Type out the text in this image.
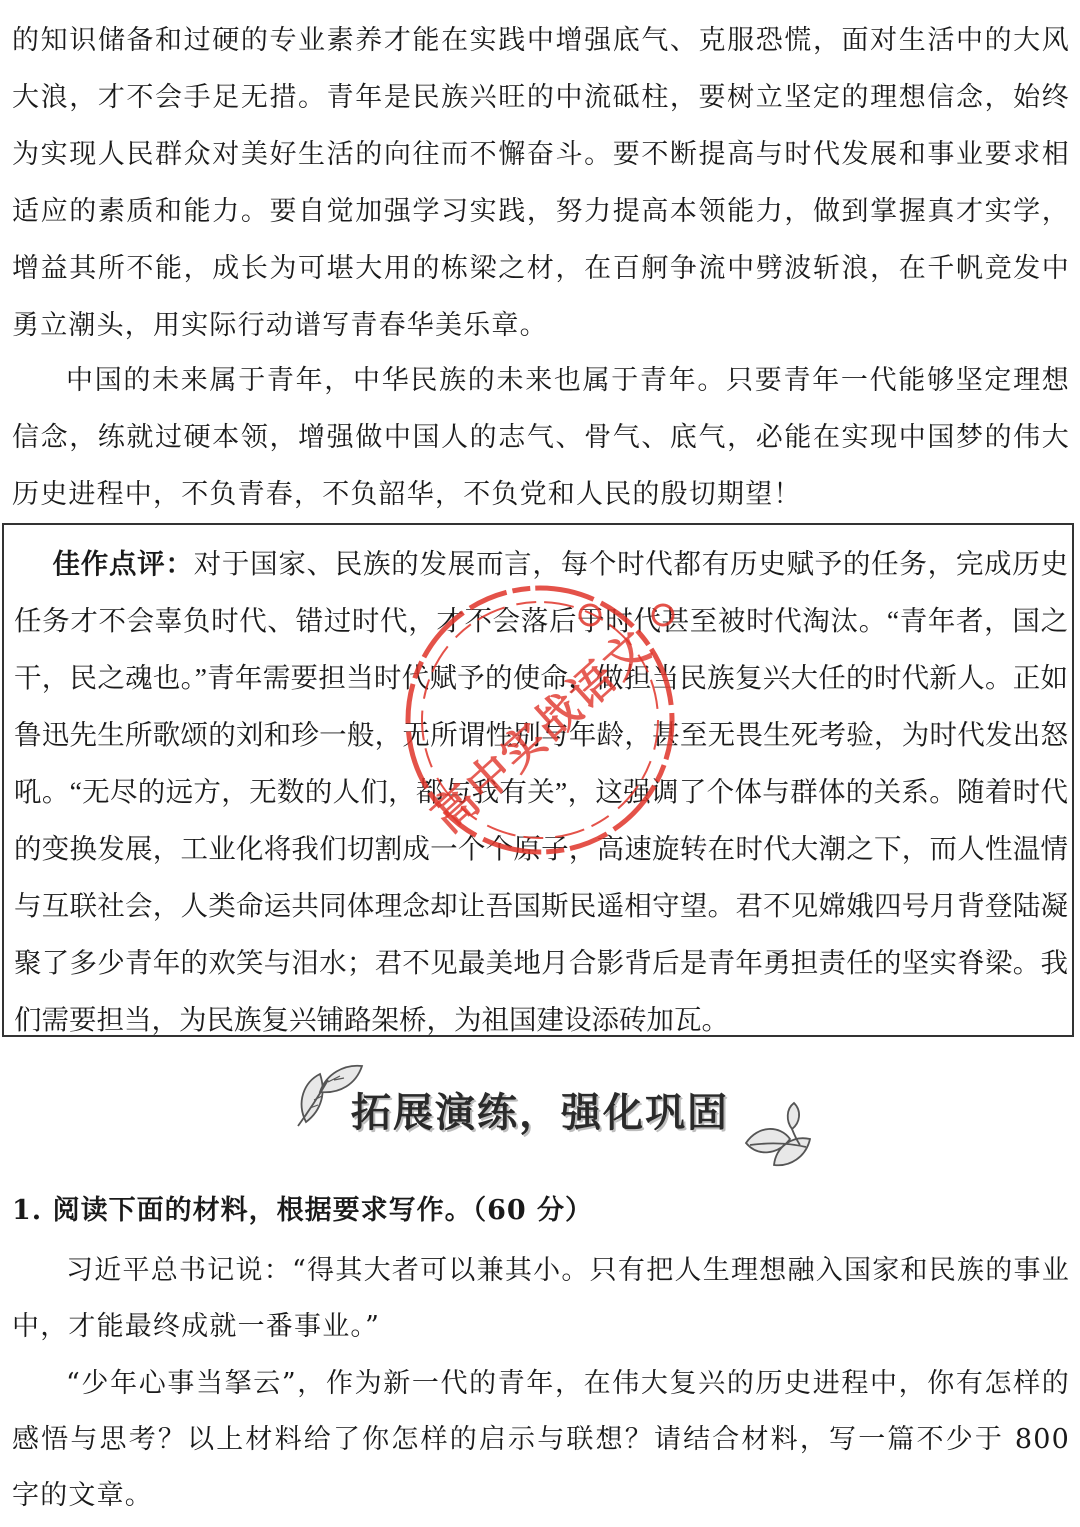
的知识储备和过硬的专业素养才能在实践中增强底气、克服恐慌，面对生活中的大风大浪，才不会手足无措。青年是民族兴旺的中流砥柱，要树立坚定的理想信念，始终为实现人民群众对美好生活的向往而不懈奋斗。要不断提高与时代发展和事业要求相适应的素质和能力。要自觉加强学习实践，努力提高本领能力，做到掌握真才实学，增益其所不能，成长为可堪大用的栋梁之材，在百舸争流中劈波斩浪，在千帆竞发中勇立潮头，用实际行动谱写青春华美乐章。

中国的未来属于青年，中华民族的未来也属于青年。只要青年一代能够坚定理想信念，练就过硬本领，增强做中国人的志气、骨气、底气，必能在实现中国梦的伟大历史进程中，不负青春，不负韶华，不负党和人民的殷切期望！

佳作点评：对于国家、民族的发展而言，每个时代都有历史赋予的任务，完成历史任务才不会辜负时代、错过时代，才不会落后于时代甚至被时代淘汰。“青年者，国之干，民之魂也。”青年需要担当时代赋予的使命，做担当民族复兴大任的时代新人。正如鲁迅先生所歌颂的刘和珍一般，无所谓性别与年龄，甚至无畏生死考验，为时代发出怒吼。“无尽的远方，无数的人们，都与我有关”，这强调了个体与群体的关系。随着时代的变换发展，工业化将我们切割成一个个原子，高速旋转在时代大潮之下，而人性温情与互联社会，人类命运共同体理念却让吾国斯民遥相守望。君不见嫦娥四号月背登陆凝聚了多少青年的欢笑与泪水；君不见最美地月合影背后是青年勇担责任的坚实脊梁。我们需要担当，为民族复兴铺路架桥，为祖国建设添砖加瓦。

高中实战语文
拓展演练，强化巩固

1. 阅读下面的材料，根据要求写作。（60 分）

习近平总书记说：“得其大者可以兼其小。只有把人生理想融入国家和民族的事业中，才能最终成就一番事业。”

“少年心事当拏云”，作为新一代的青年，在伟大复兴的历史进程中，你有怎样的感悟与思考？以上材料给了你怎样的启示与联想？请结合材料，写一篇不少于 800 字的文章。
